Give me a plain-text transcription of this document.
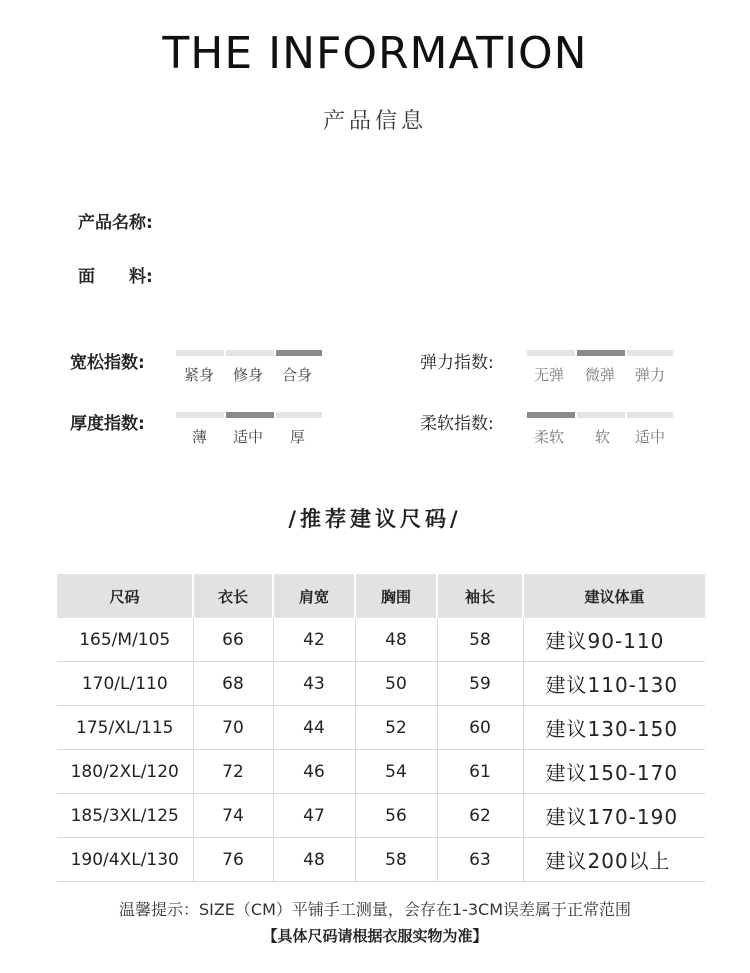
THE INFORMATION
产品信息
产品名称:
面　　料:
宽松指数:
紧身 修身 合身
弹力指数:
无弹 微弹 弹力
厚度指数:
薄 适中 厚
柔软指数:
柔软 软 适中
/推荐建议尺码/
尺码	衣长	肩宽	胸围	袖长	建议体重
165/M/105	66	42	48	58	建议90-110
170/L/110	68	43	50	59	建议110-130
175/XL/115	70	44	52	60	建议130-150
180/2XL/120	72	46	54	61	建议150-170
185/3XL/125	74	47	56	62	建议170-190
190/4XL/130	76	48	58	63	建议200以上
温馨提示：SIZE（CM）平铺手工测量，会存在1-3CM误差属于正常范围
【具体尺码请根据衣服实物为准】
